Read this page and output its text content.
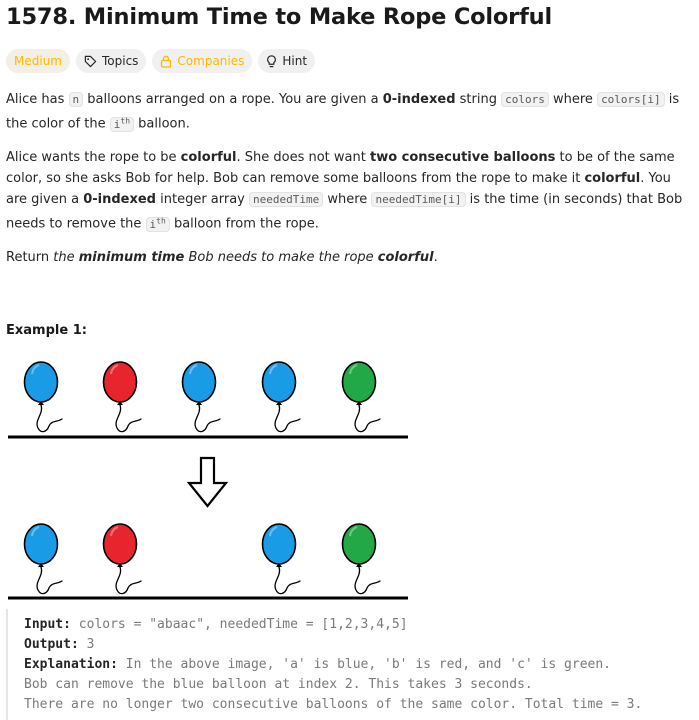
1578. Minimum Time to Make Rope Colorful
Medium	Topics	Companies	Hint
Alice has n balloons arranged on a rope. You are given a 0-indexed string colors where colors[i] is the color of the $i^{th}$ balloon.
Alice wants the rope to be colorful. She does not want two consecutive balloons to be of the same color, so she asks Bob for help. Bob can remove some balloons from the rope to make it colorful. You are given a 0-indexed integer array neededTime where neededTime[i] is the time (in seconds) that Bob needs to remove the $i^{th}$ balloon from the rope.
Return the minimum time Bob needs to make the rope colorful.
Example 1:
Input: colors = "abaac", neededTime = [1,2,3,4,5]
Output: 3
Explanation: In the above image, 'a' is blue, 'b' is red, and 'c' is green.
Bob can remove the blue balloon at index 2. This takes 3 seconds.
There are no longer two consecutive balloons of the same color. Total time = 3.
